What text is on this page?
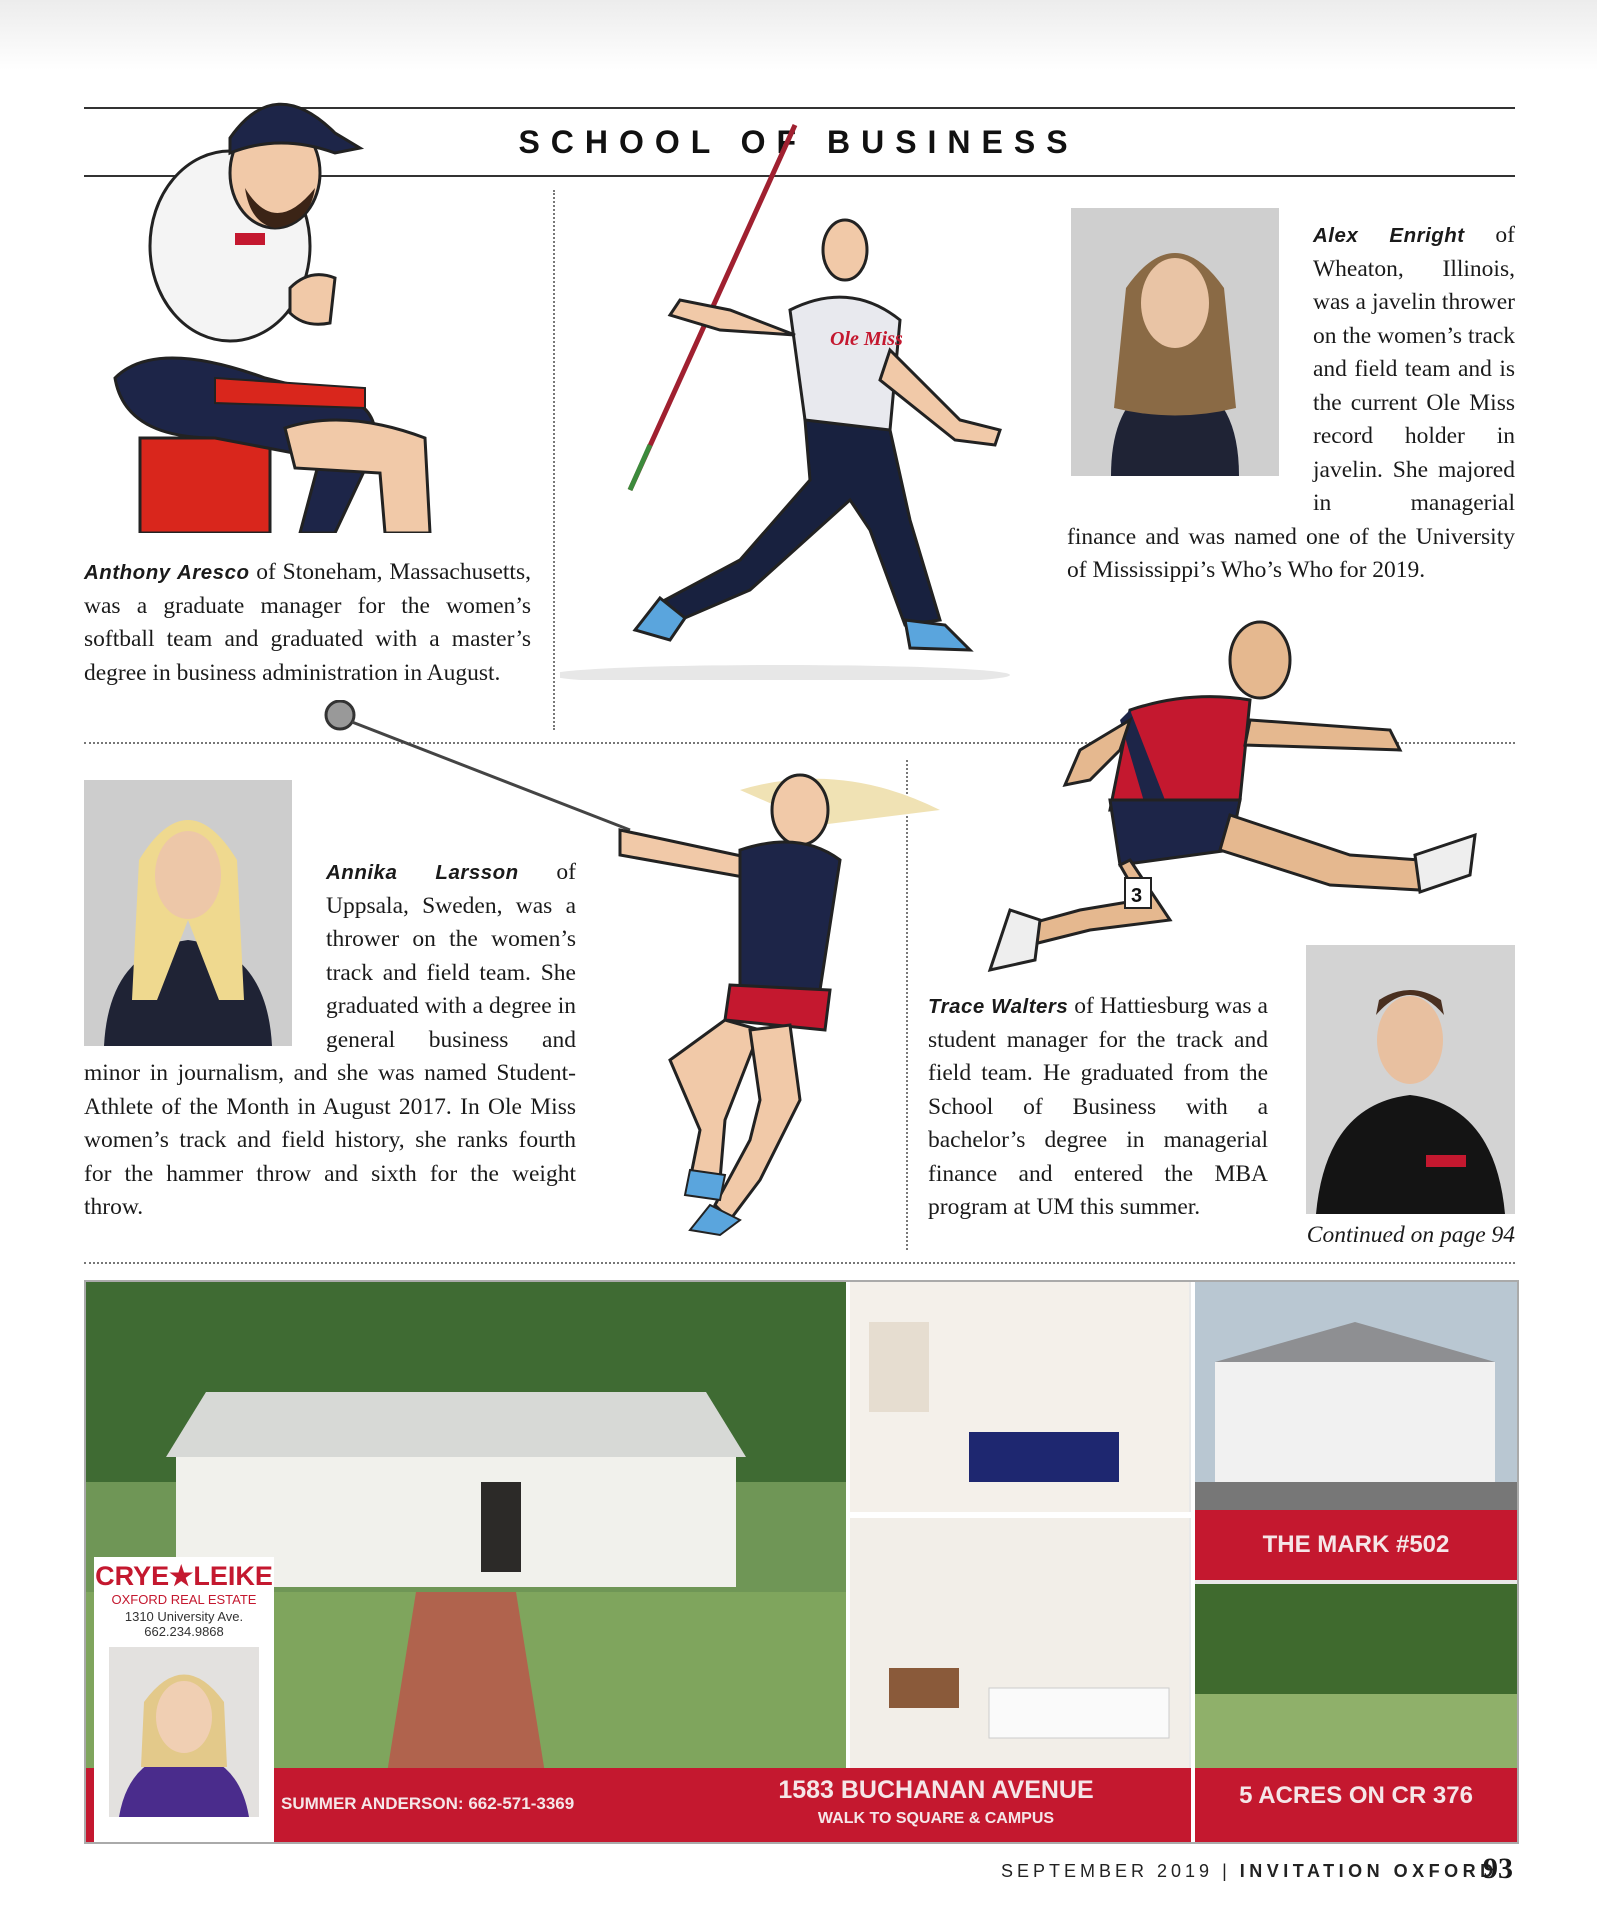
SCHOOL OF BUSINESS
Anthony Aresco of Stoneham, Massachusetts, was a graduate manager for the women’s softball team and graduated with a master’s degree in business administration in August.
Ole Miss
Alex Enright of Wheaton, Illinois, was a javelin thrower on the women’s track and field team and is the current Ole Miss record holder in javelin. She majored in managerial finance and was named one of the University of Mississippi’s Who’s Who for 2019.
3
Annika Larsson of Uppsala, Sweden, was a thrower on the women’s track and field team. She graduated with a degree in general business and minor in journalism, and she was named Student-Athlete of the Month in August 2017. In Ole Miss women’s track and field history, she ranks fourth for the hammer throw and sixth for the weight throw.
Trace Walters of Hattiesburg was a student manager for the track and field team. He graduated from the School of Business with a bachelor’s degree in managerial finance and entered the MBA program at UM this summer.
Continued on page 94
THE MARK #502
SUMMER ANDERSON: 662-571-3369	1583 BUCHANAN AVENUE
WALK TO SQUARE & CAMPUS
5 ACRES ON CR 376
CRYE★LEIKE
OXFORD REAL ESTATE
1310 University Ave.
662.234.9868
SEPTEMBER 2019 | INVITATION OXFORD
93
